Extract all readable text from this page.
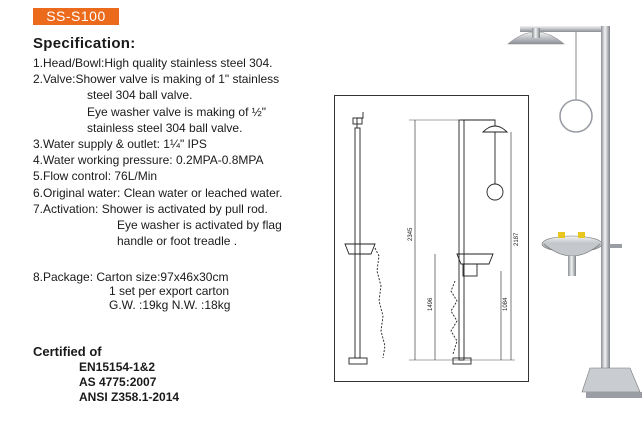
SS-S100
Specification:
1.Head/Bowl:High quality stainless steel 304.
2.Valve:Shower valve is making of 1" stainless
steel 304 ball valve.
Eye washer valve is making of ½"
stainless steel 304 ball valve.
3.Water supply & outlet: 1¼" IPS
4.Water working pressure: 0.2MPA-0.8MPA
5.Flow control: 76L/Min
6.Original water: Clean water or leached water.
7.Activation: Shower is activated by pull rod.
Eye washer is activated by flag
handle or foot treadle .
8.Package: Carton size:97x46x30cm
1 set per export carton
G.W. :19kg N.W. :18kg
Certified of
EN15154-1&2
AS 4775:2007
ANSI Z358.1-2014
2345	2187
1496	1084
